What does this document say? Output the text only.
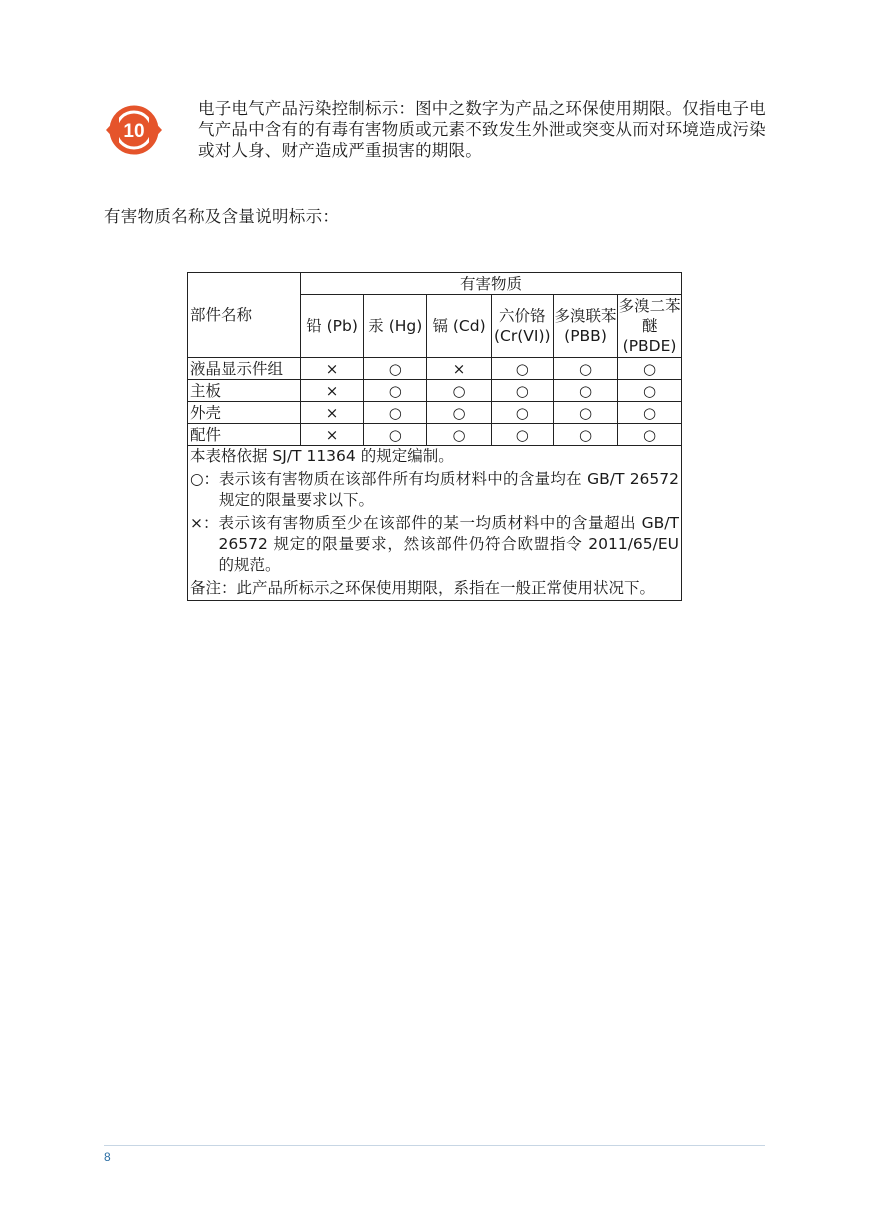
10
电子电气产品污染控制标示：图中之数字为产品之环保使用期限。仅指电子电气产品中含有的有毒有害物质或元素不致发生外泄或突变从而对环境造成污染或对人身、财产造成严重损害的期限。
有害物质名称及含量说明标示：
部件名称	有害物质					
	铅 (Pb)	汞 (Hg)	镉 (Cd)	六价铬 (Cr(VI))	多溴联苯 (PBB)	多溴二苯醚 (PBDE)
液晶显示件组	×	○	×	○	○	○
主板	×	○	○	○	○	○
外壳	×	○	○	○	○	○
配件	×	○	○	○	○	○
本表格依据 SJ/T 11364 的规定编制。
○： 表示该有害物质在该部件所有均质材料中的含量均在 GB/T 26572 规定的限量要求以下。
×： 表示该有害物质至少在该部件的某一均质材料中的含量超出 GB/T 26572 规定的限量要求，然该部件仍符合欧盟指令 2011/65/EU 的规范。
备注： 此产品所标示之环保使用期限，系指在一般正常使用状况下。
8
